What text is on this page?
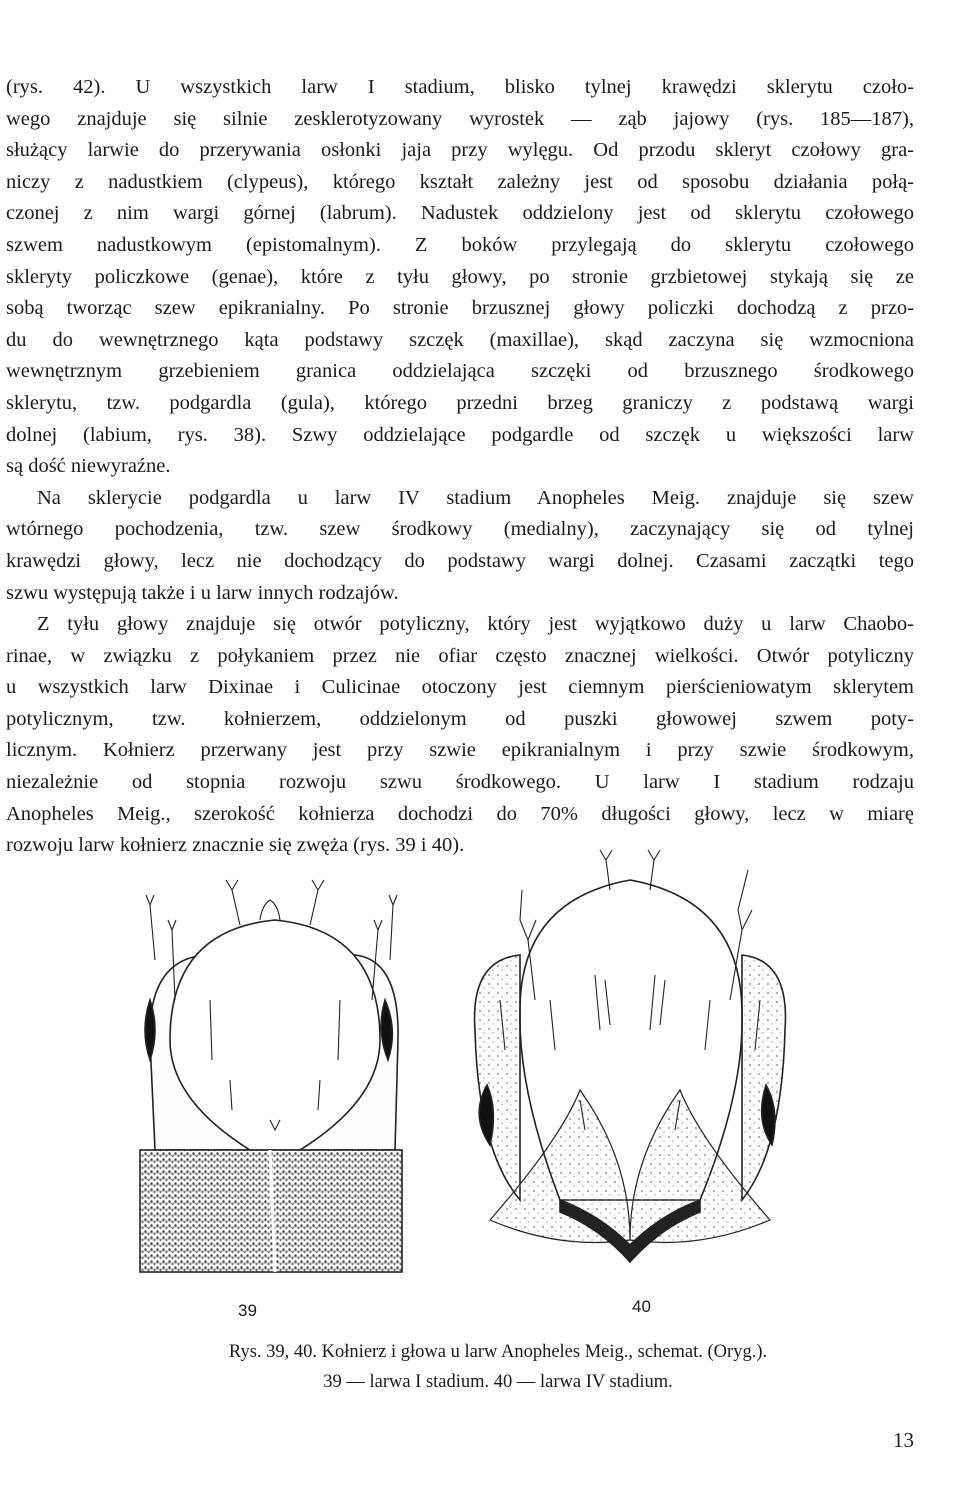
(rys. 42). U wszystkich larw I stadium, blisko tylnej krawędzi sklerytu czoło-
wego znajduje się silnie zesklerotyzowany wyrostek — ząb jajowy (rys. 185—187),
służący larwie do przerywania osłonki jaja przy wylęgu. Od przodu skleryt czołowy gra-
niczy z nadustkiem (clypeus), którego kształt zależny jest od sposobu działania połą-
czonej z nim wargi górnej (labrum). Nadustek oddzielony jest od sklerytu czołowego
szwem nadustkowym (epistomalnym). Z boków przylegają do sklerytu czołowego
skleryty policzkowe (genae), które z tyłu głowy, po stronie grzbietowej stykają się ze
sobą tworząc szew epikranialny. Po stronie brzusznej głowy policzki dochodzą z przo-
du do wewnętrznego kąta podstawy szczęk (maxillae), skąd zaczyna się wzmocniona
wewnętrznym grzebieniem granica oddzielająca szczęki od brzusznego środkowego
sklerytu, tzw. podgardla (gula), którego przedni brzeg graniczy z podstawą wargi
dolnej (labium, rys. 38). Szwy oddzielające podgardle od szczęk u większości larw
są dość niewyraźne.
Na sklerycie podgardla u larw IV stadium Anopheles Meig. znajduje się szew
wtórnego pochodzenia, tzw. szew środkowy (medialny), zaczynający się od tylnej
krawędzi głowy, lecz nie dochodzący do podstawy wargi dolnej. Czasami zaczątki tego
szwu występują także i u larw innych rodzajów.
Z tyłu głowy znajduje się otwór potyliczny, który jest wyjątkowo duży u larw Chaobo-
rinae, w związku z połykaniem przez nie ofiar często znacznej wielkości. Otwór potyliczny
u wszystkich larw Dixinae i Culicinae otoczony jest ciemnym pierścieniowatym sklerytem
potylicznym, tzw. kołnierzem, oddzielonym od puszki głowowej szwem poty-
licznym. Kołnierz przerwany jest przy szwie epikranialnym i przy szwie środkowym,
niezależnie od stopnia rozwoju szwu środkowego. U larw I stadium rodzaju
Anopheles Meig., szerokość kołnierza dochodzi do 70% długości głowy, lecz w miarę
rozwoju larw kołnierz znacznie się zwęża (rys. 39 i 40).
39	40
Rys. 39, 40. Kołnierz i głowa u larw Anopheles Meig., schemat. (Oryg.).
39 — larwa I stadium. 40 — larwa IV stadium.
13
